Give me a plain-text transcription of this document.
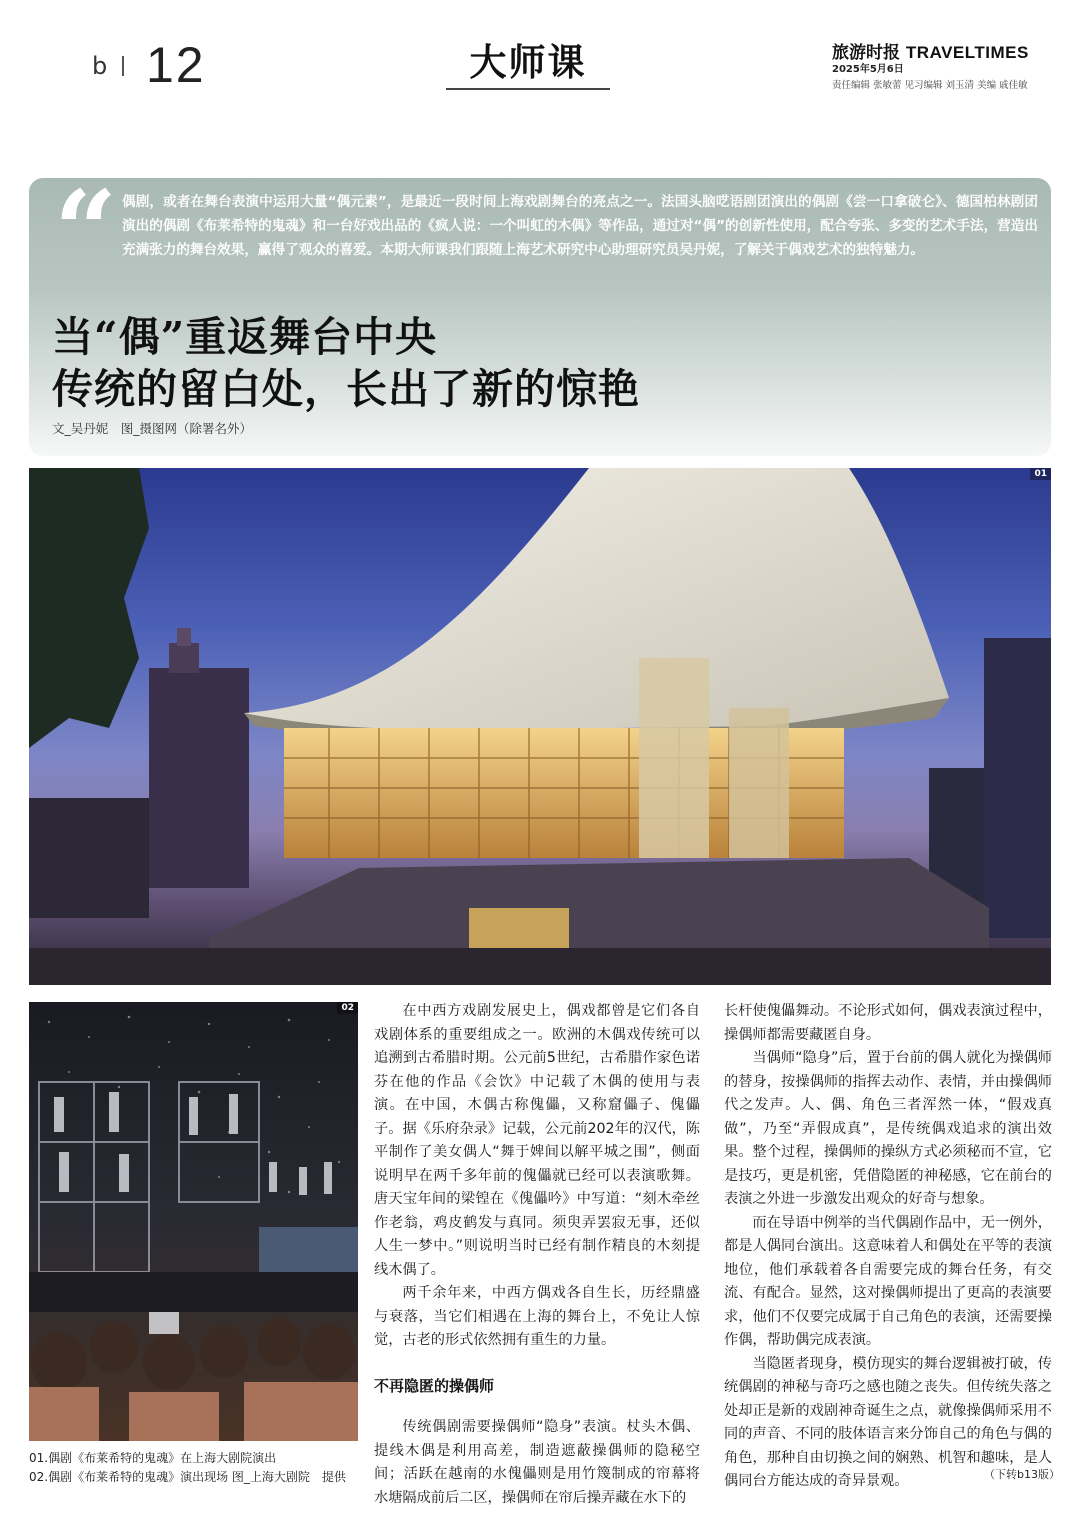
b 12	大师课	旅游时报 TRAVELTIMES
2025年5月6日
责任编辑 张敏蕾 见习编辑 刘玉清 美编 戚佳敏
“ 偶剧，或者在舞台表演中运用大量“偶元素”，是最近一段时间上海戏剧舞台的亮点之一。法国头脑呓语剧团演出的偶剧《尝一口拿破仑》、德国柏林剧团演出的偶剧《布莱希特的鬼魂》和一台好戏出品的《疯人说：一个叫虹的木偶》等作品，通过对“偶”的创新性使用，配合夸张、多变的艺术手法，营造出充满张力的舞台效果，赢得了观众的喜爱。本期大师课我们跟随上海艺术研究中心助理研究员吴丹妮，了解关于偶戏艺术的独特魅力。
当“偶”重返舞台中央
传统的留白处，长出了新的惊艳
文_吴丹妮　图_摄图网（除署名外）
01
02
01.偶剧《布莱希特的鬼魂》在上海大剧院演出
02.偶剧《布莱希特的鬼魂》演出现场 图_上海大剧院　提供

在中西方戏剧发展史上，偶戏都曾是它们各自戏剧体系的重要组成之一。欧洲的木偶戏传统可以追溯到古希腊时期。公元前5世纪，古希腊作家色诺芬在他的作品《会饮》中记载了木偶的使用与表演。在中国，木偶古称傀儡，又称窟儡子、傀儡子。据《乐府杂录》记载，公元前202年的汉代，陈平制作了美女偶人“舞于婢间以解平城之围”，侧面说明早在两千多年前的傀儡就已经可以表演歌舞。唐天宝年间的梁锽在《傀儡吟》中写道：“刻木牵丝作老翁，鸡皮鹤发与真同。须臾弄罢寂无事，还似人生一梦中。”则说明当时已经有制作精良的木刻提线木偶了。

两千余年来，中西方偶戏各自生长，历经鼎盛与衰落，当它们相遇在上海的舞台上，不免让人惊觉，古老的形式依然拥有重生的力量。

不再隐匿的操偶师

传统偶剧需要操偶师“隐身”表演。杖头木偶、提线木偶是利用高差，制造遮蔽操偶师的隐秘空间；活跃在越南的水傀儡则是用竹篾制成的帘幕将水塘隔成前后二区，操偶师在帘后操弄藏在水下的

长杆使傀儡舞动。不论形式如何，偶戏表演过程中，操偶师都需要藏匿自身。

当偶师“隐身”后，置于台前的偶人就化为操偶师的替身，按操偶师的指挥去动作、表情，并由操偶师代之发声。人、偶、角色三者浑然一体，“假戏真做”，乃至“弄假成真”，是传统偶戏追求的演出效果。整个过程，操偶师的操纵方式必须秘而不宣，它是技巧，更是机密，凭借隐匿的神秘感，它在前台的表演之外进一步激发出观众的好奇与想象。

而在导语中例举的当代偶剧作品中，无一例外，都是人偶同台演出。这意味着人和偶处在平等的表演地位，他们承载着各自需要完成的舞台任务，有交流、有配合。显然，这对操偶师提出了更高的表演要求，他们不仅要完成属于自己角色的表演，还需要操作偶，帮助偶完成表演。

当隐匿者现身，模仿现实的舞台逻辑被打破，传统偶剧的神秘与奇巧之感也随之丧失。但传统失落之处却正是新的戏剧神奇诞生之点，就像操偶师采用不同的声音、不同的肢体语言来分饰自己的角色与偶的角色，那种自由切换之间的娴熟、机智和趣味，是人偶同台方能达成的奇异景观。	（下转b13版）
